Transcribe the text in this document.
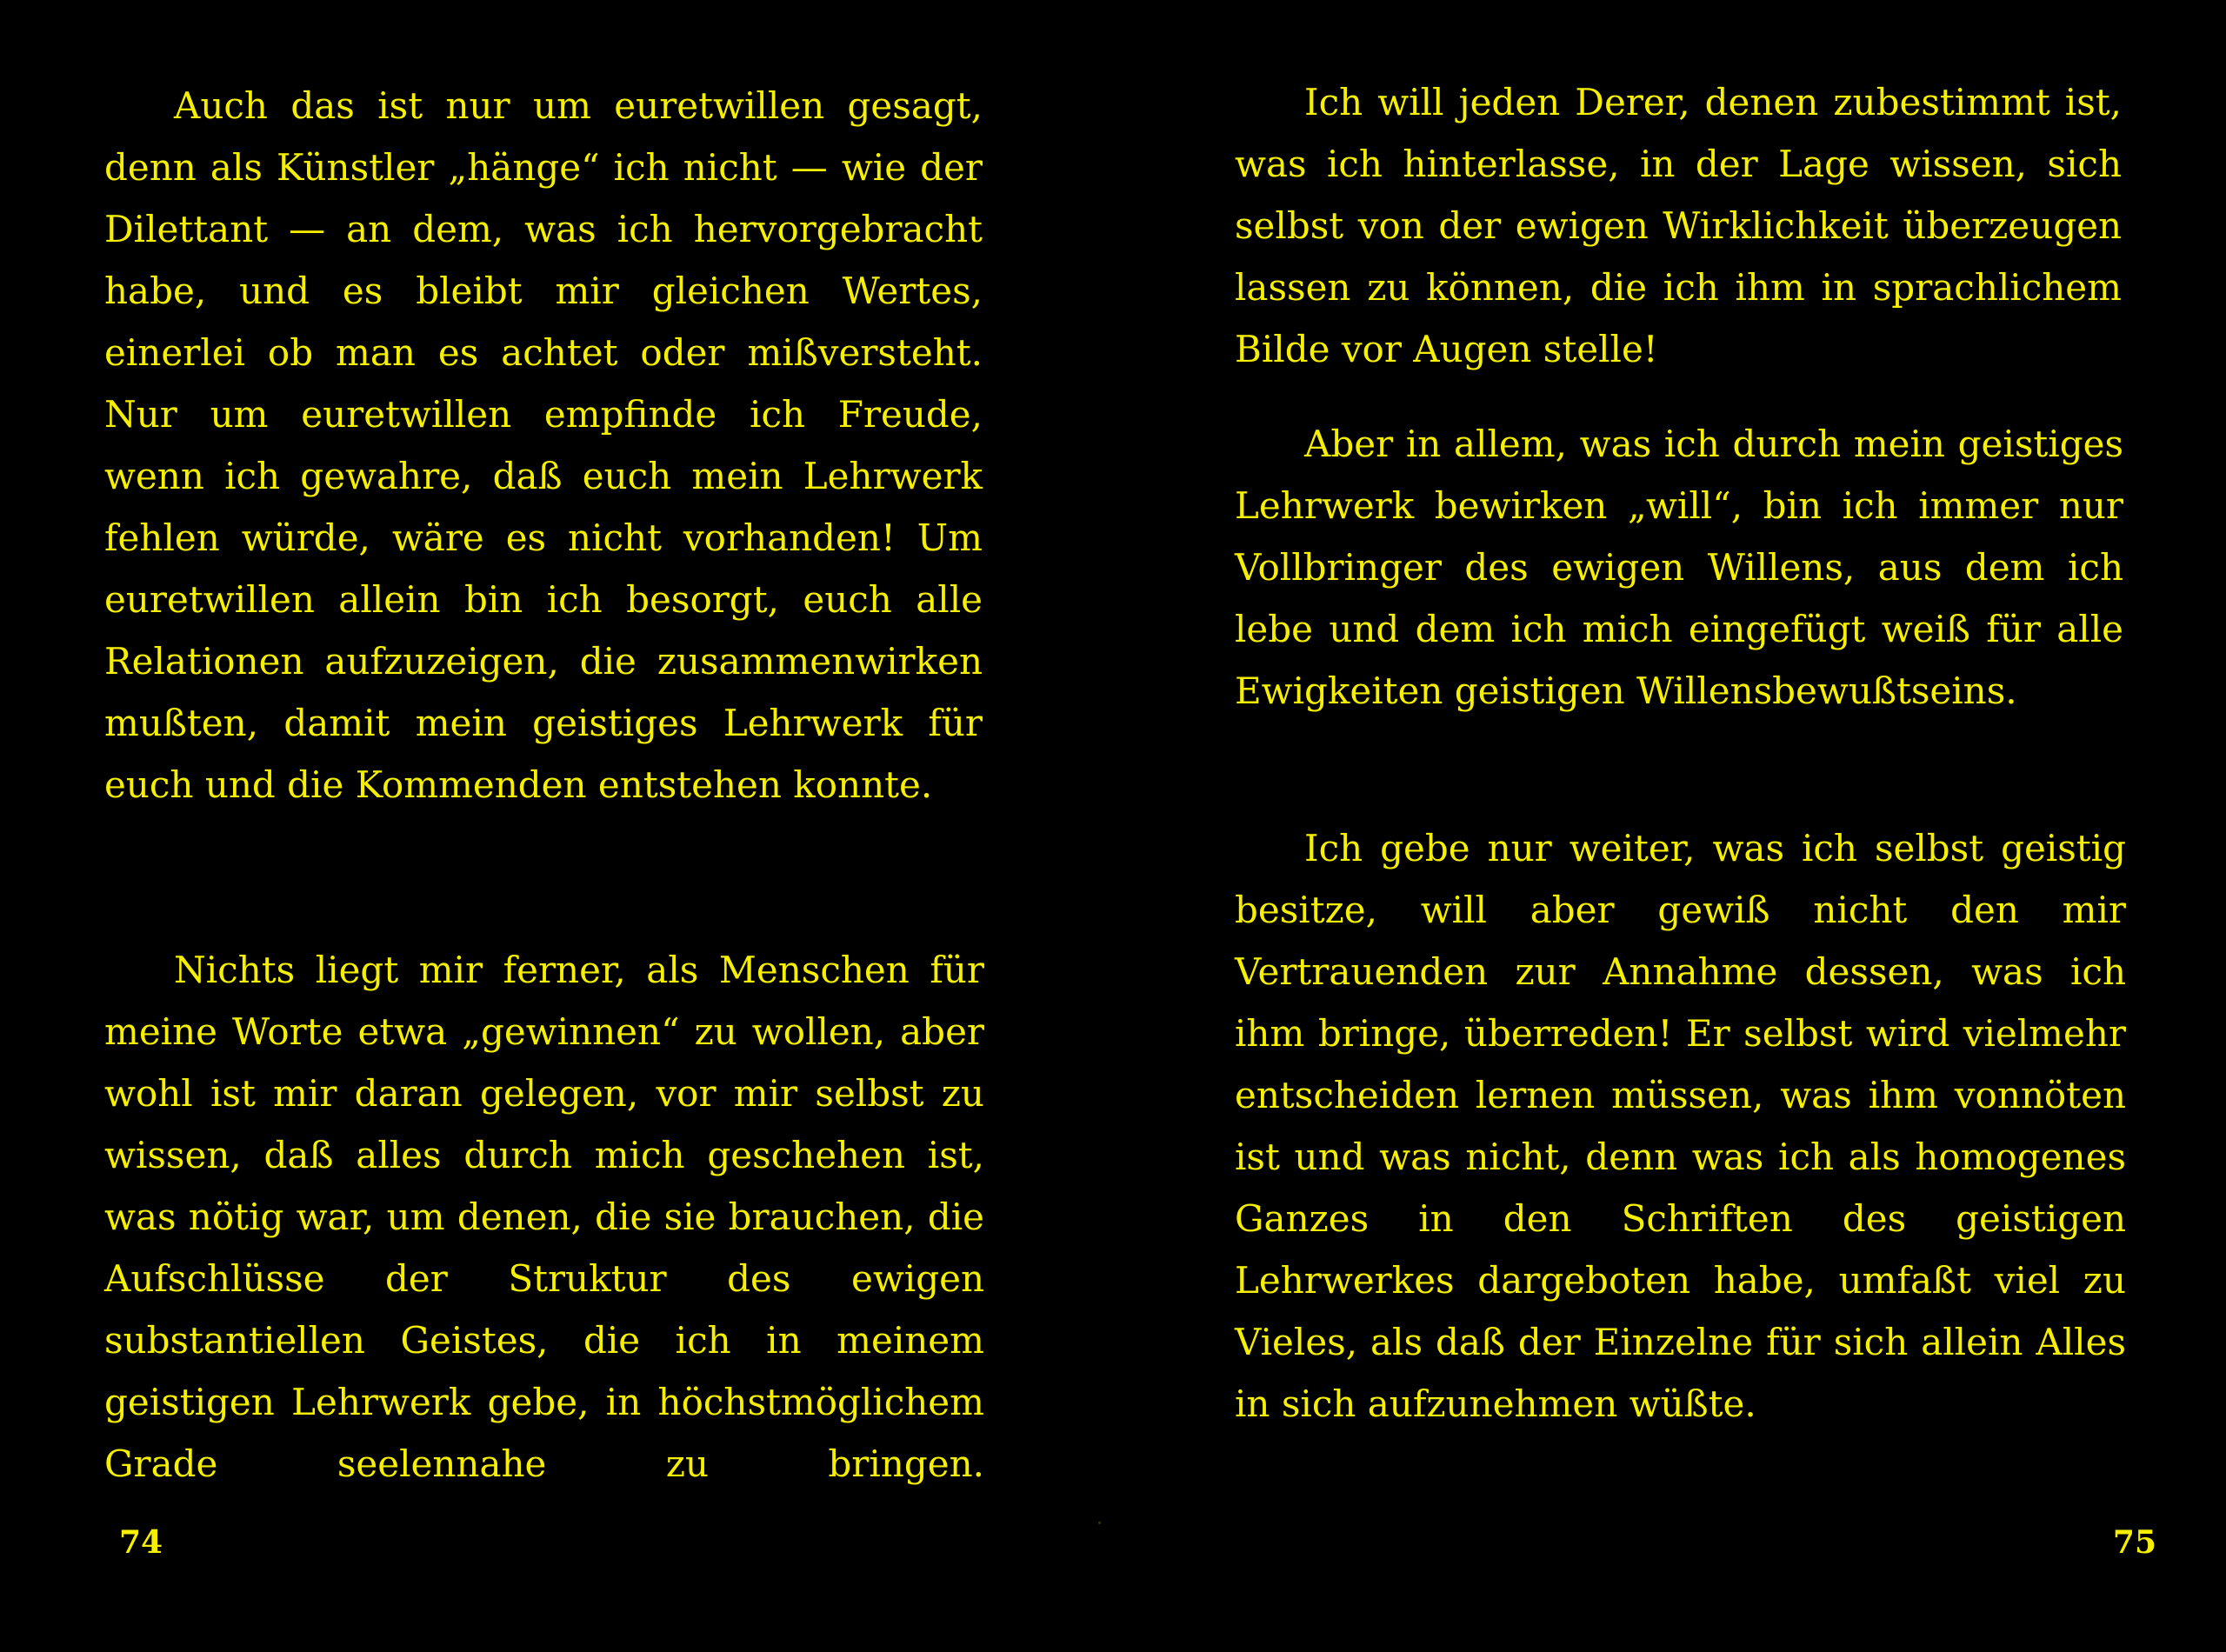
Auch das ist nur um euretwillen gesagt, denn als Künstler „hänge“ ich nicht — wie der Dilettant — an dem, was ich hervorgebracht habe, und es bleibt mir gleichen Wertes, einerlei ob man es achtet oder mißversteht. Nur um euretwillen empfinde ich Freude, wenn ich gewahre, daß euch mein Lehrwerk fehlen würde, wäre es nicht vorhanden! Um euretwillen allein bin ich besorgt, euch alle Relationen aufzuzeigen, die zusammenwirken mußten, damit mein geistiges Lehrwerk für euch und die Kommenden entstehen konnte.

Nichts liegt mir ferner, als Menschen für meine Worte etwa „gewinnen“ zu wollen, aber wohl ist mir daran gelegen, vor mir selbst zu wissen, daß alles durch mich geschehen ist, was nötig war, um denen, die sie brauchen, die Aufschlüsse der Struktur des ewigen substantiellen Geistes, die ich in meinem geistigen Lehrwerk gebe, in höchstmöglichem Grade seelennahe zu bringen.

74

Ich will jeden Derer, denen zubestimmt ist, was ich hinterlasse, in der Lage wissen, sich selbst von der ewigen Wirklichkeit überzeugen lassen zu können, die ich ihm in sprachlichem Bilde vor Augen stelle!

Aber in allem, was ich durch mein geistiges Lehrwerk bewirken „will“, bin ich immer nur Vollbringer des ewigen Willens, aus dem ich lebe und dem ich mich eingefügt weiß für alle Ewigkeiten geistigen Willensbewußtseins.

Ich gebe nur weiter, was ich selbst geistig besitze, will aber gewiß nicht den mir Vertrauenden zur Annahme dessen, was ich ihm bringe, überreden! Er selbst wird vielmehr entscheiden lernen müssen, was ihm vonnöten ist und was nicht, denn was ich als homogenes Ganzes in den Schriften des geistigen Lehrwerkes dargeboten habe, umfaßt viel zu Vieles, als daß der Einzelne für sich allein Alles in sich aufzunehmen wüßte.

75
